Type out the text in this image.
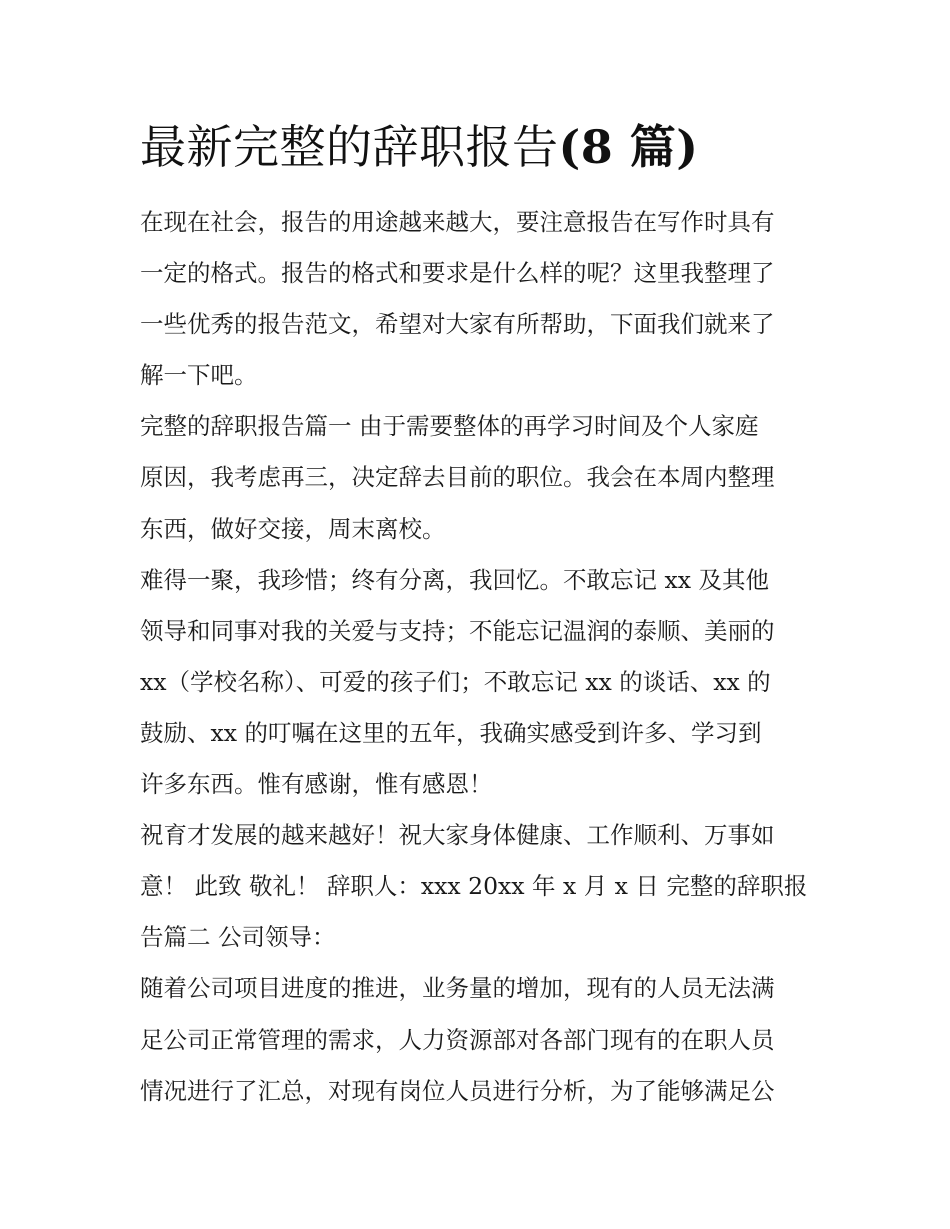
最新完整的辞职报告(8 篇)

在现在社会，报告的用途越来越大，要注意报告在写作时具有

一定的格式。报告的格式和要求是什么样的呢？这里我整理了

一些优秀的报告范文，希望对大家有所帮助，下面我们就来了

解一下吧。

完整的辞职报告篇一 由于需要整体的再学习时间及个人家庭

原因，我考虑再三，决定辞去目前的职位。我会在本周内整理

东西，做好交接，周末离校。

难得一聚，我珍惜；终有分离，我回忆。不敢忘记 xx 及其他

领导和同事对我的关爱与支持；不能忘记温润的泰顺、美丽的

xx（学校名称）、可爱的孩子们；不敢忘记 xx 的谈话、xx 的

鼓励、xx 的叮嘱在这里的五年，我确实感受到许多、学习到

许多东西。惟有感谢，惟有感恩！

祝育才发展的越来越好！祝大家身体健康、工作顺利、万事如

意！ 此致 敬礼！ 辞职人：xxx 20xx 年 x 月 x 日 完整的辞职报

告篇二 公司领导：

随着公司项目进度的推进，业务量的增加，现有的人员无法满

足公司正常管理的需求，人力资源部对各部门现有的在职人员

情况进行了汇总，对现有岗位人员进行分析，为了能够满足公
